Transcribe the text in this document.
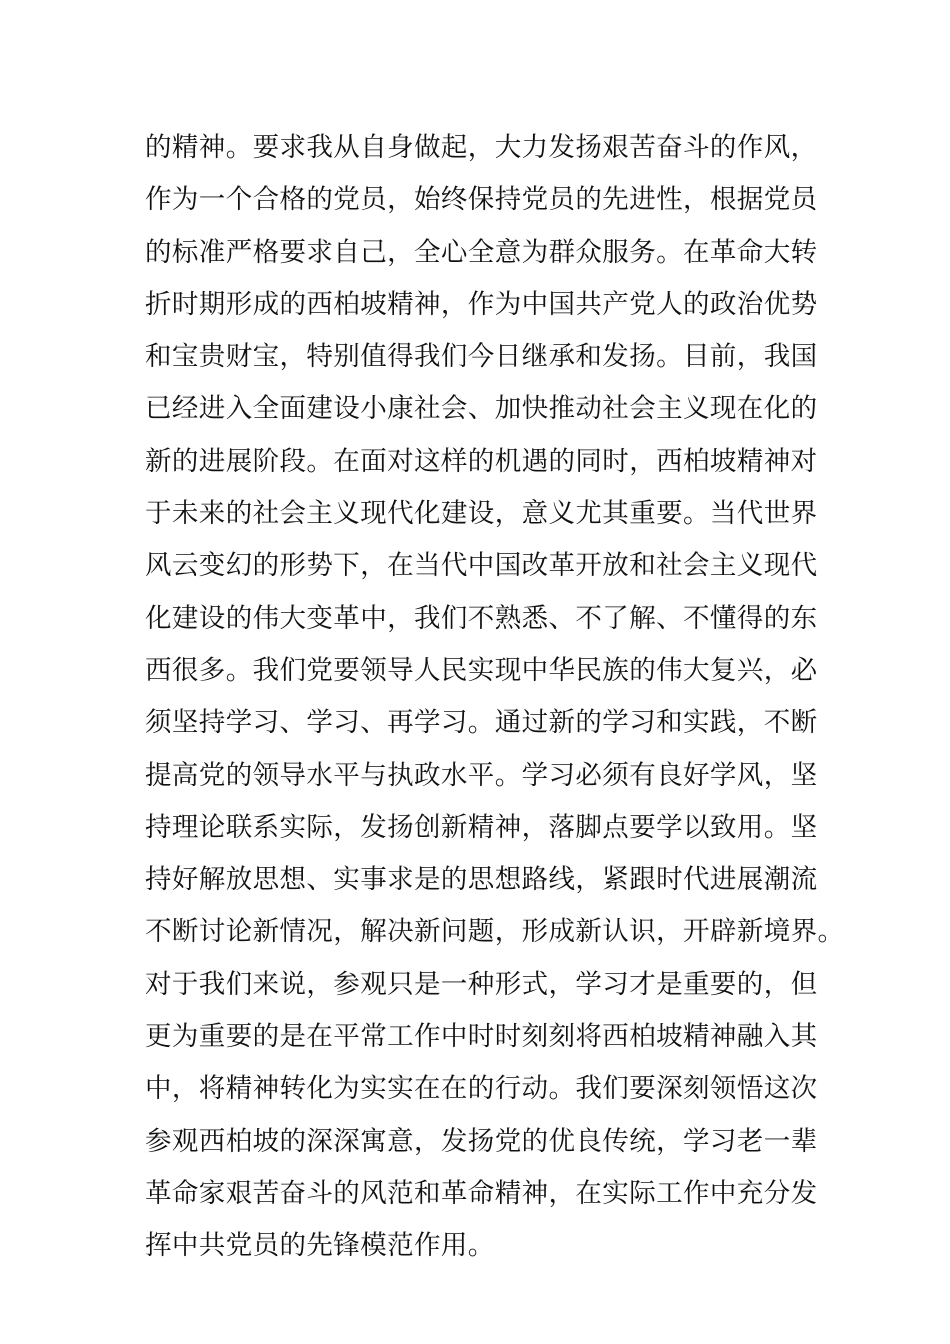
的精神。要求我从自身做起，大力发扬艰苦奋斗的作风，
作为一个合格的党员，始终保持党员的先进性，根据党员
的标准严格要求自己，全心全意为群众服务。在革命大转
折时期形成的西柏坡精神，作为中国共产党人的政治优势
和宝贵财宝，特别值得我们今日继承和发扬。目前，我国
已经进入全面建设小康社会、加快推动社会主义现在化的
新的进展阶段。在面对这样的机遇的同时，西柏坡精神对
于未来的社会主义现代化建设，意义尤其重要。当代世界
风云变幻的形势下，在当代中国改革开放和社会主义现代
化建设的伟大变革中，我们不熟悉、不了解、不懂得的东
西很多。我们党要领导人民实现中华民族的伟大复兴，必
须坚持学习、学习、再学习。通过新的学习和实践，不断
提高党的领导水平与执政水平。学习必须有良好学风，坚
持理论联系实际，发扬创新精神，落脚点要学以致用。坚
持好解放思想、实事求是的思想路线，紧跟时代进展潮流
不断讨论新情况，解决新问题，形成新认识，开辟新境界。
对于我们来说，参观只是一种形式，学习才是重要的，但
更为重要的是在平常工作中时时刻刻将西柏坡精神融入其
中，将精神转化为实实在在的行动。我们要深刻领悟这次
参观西柏坡的深深寓意，发扬党的优良传统，学习老一辈
革命家艰苦奋斗的风范和革命精神，在实际工作中充分发
挥中共党员的先锋模范作用。
